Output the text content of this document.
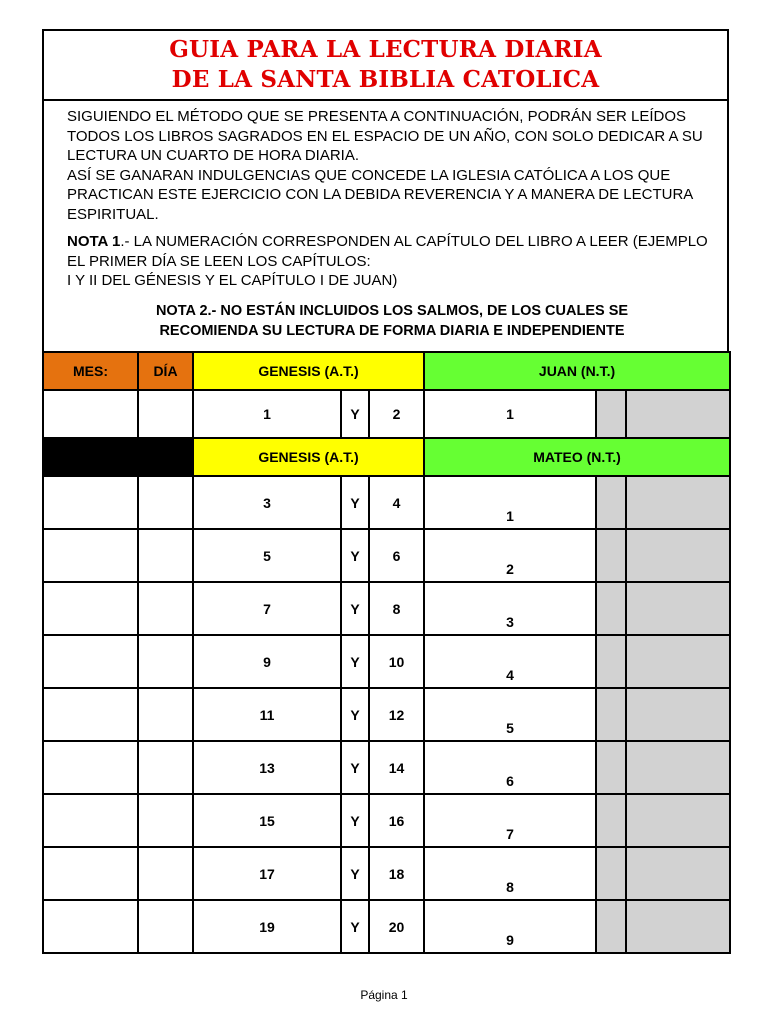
GUIA PARA LA LECTURA DIARIA
DE LA SANTA BIBLIA CATOLICA

SIGUIENDO EL MÉTODO QUE SE PRESENTA A CONTINUACIÓN, PODRÁN SER LEÍDOS TODOS LOS LIBROS SAGRADOS EN EL ESPACIO DE UN AÑO, CON SOLO DEDICAR A SU LECTURA UN CUARTO DE HORA DIARIA.

ASÍ SE GANARAN INDULGENCIAS QUE CONCEDE LA IGLESIA CATÓLICA A LOS QUE PRACTICAN ESTE EJERCICIO CON LA DEBIDA REVERENCIA Y A MANERA DE LECTURA ESPIRITUAL.

NOTA 1.- LA NUMERACIÓN CORRESPONDEN AL CAPÍTULO DEL LIBRO A LEER (EJEMPLO EL PRIMER DÍA SE LEEN LOS CAPÍTULOS:
I Y II DEL GÉNESIS Y EL CAPÍTULO I DE JUAN)

NOTA 2.- NO ESTÁN INCLUIDOS LOS SALMOS, DE LOS CUALES SE
RECOMIENDA SU LECTURA DE FORMA DIARIA E INDEPENDIENTE
MES:	DÍA	GENESIS (A.T.)			JUAN (N.T.)		
		1	Y	2	1		
		GENESIS (A.T.)			MATEO (N.T.)		
		3	Y	4	1		
		5	Y	6	2		
		7	Y	8	3		
		9	Y	10	4		
		11	Y	12	5		
		13	Y	14	6		
		15	Y	16	7		
		17	Y	18	8		
		19	Y	20	9		
Página 1
